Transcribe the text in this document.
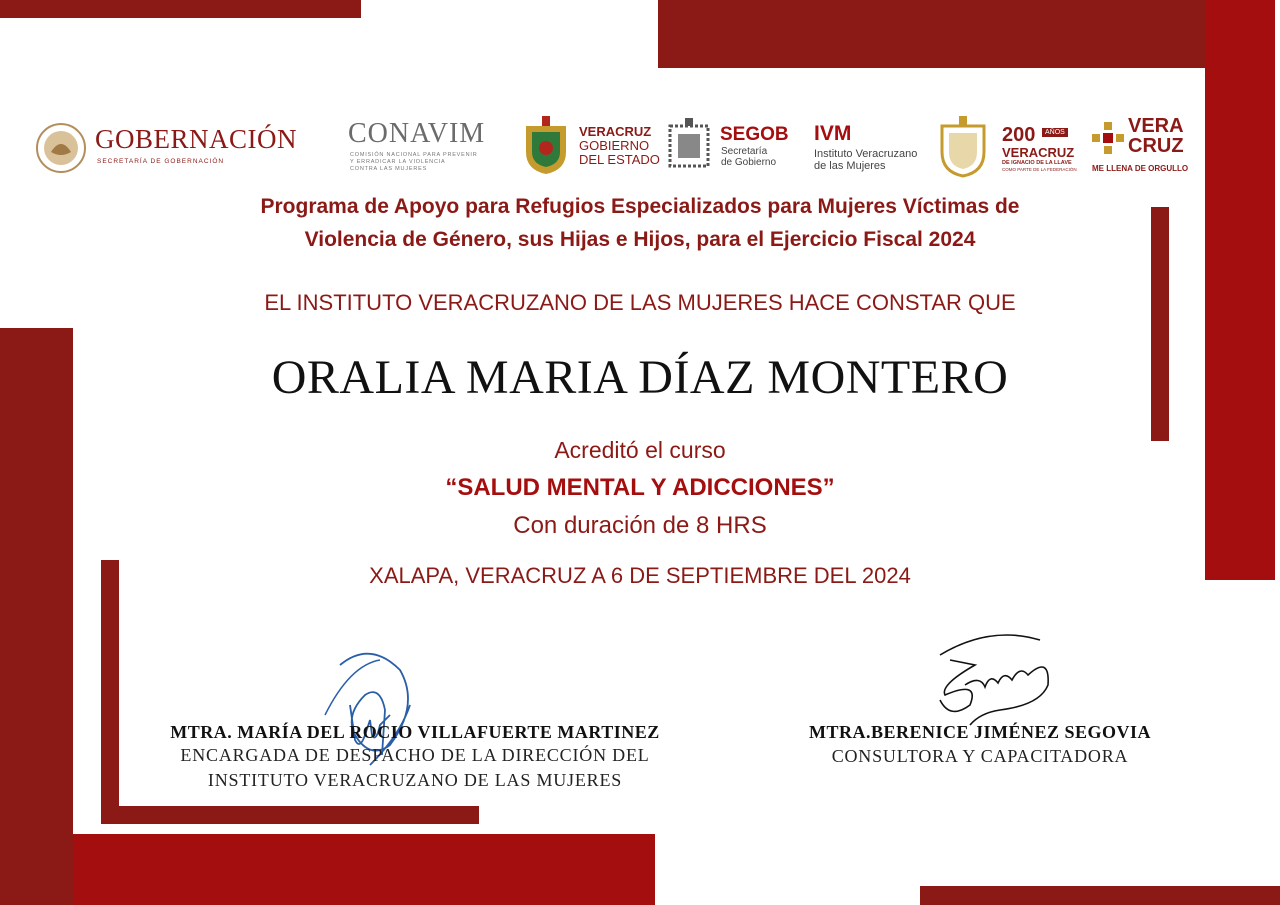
GOBERNACIÓN
SECRETARÍA DE GOBERNACIÓN
CONAVIM
COMISIÓN NACIONAL PARA PREVENIR
Y ERRADICAR LA VIOLENCIA
CONTRA LAS MUJERES
VERACRUZ
GOBIERNO
DEL ESTADO
SEGOB
Secretaría
de Gobierno
IVM
Instituto Veracruzano
de las Mujeres
200	AÑOS
VERACRUZ
DE IGNACIO DE LA LLAVE
COMO PARTE DE LA FEDERACIÓN
VERA
CRUZ
ME LLENA DE ORGULLO
Programa de Apoyo para Refugios Especializados para Mujeres Víctimas de
Violencia de Género, sus Hijas e Hijos, para el Ejercicio Fiscal 2024
EL INSTITUTO VERACRUZANO DE LAS MUJERES HACE CONSTAR QUE
ORALIA MARIA DÍAZ MONTERO
Acreditó el curso
“SALUD MENTAL Y ADICCIONES”
Con duración de 8 HRS
XALAPA, VERACRUZ A 6 DE SEPTIEMBRE DEL 2024
MTRA. MARÍA DEL ROCIO VILLAFUERTE MARTINEZ
ENCARGADA DE DESPACHO DE LA DIRECCIÓN DEL
INSTITUTO VERACRUZANO DE LAS MUJERES
MTRA.BERENICE JIMÉNEZ SEGOVIA
CONSULTORA Y CAPACITADORA
